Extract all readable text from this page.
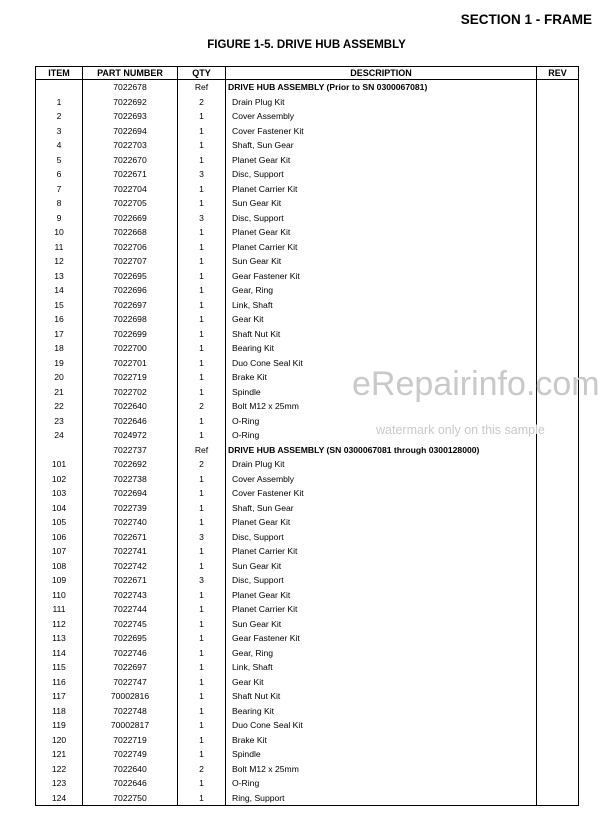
SECTION 1 - FRAME
FIGURE 1-5. DRIVE HUB ASSEMBLY
ITEM	PART NUMBER	QTY	DESCRIPTION	REV
	7022678	Ref	DRIVE HUB ASSEMBLY (Prior to SN 0300067081)	
1	7022692	2	Drain Plug Kit	
2	7022693	1	Cover Assembly	
3	7022694	1	Cover Fastener Kit	
4	7022703	1	Shaft, Sun Gear	
5	7022670	1	Planet Gear Kit	
6	7022671	3	Disc, Support	
7	7022704	1	Planet Carrier Kit	
8	7022705	1	Sun Gear Kit	
9	7022669	3	Disc, Support	
10	7022668	1	Planet Gear Kit	
11	7022706	1	Planet Carrier Kit	
12	7022707	1	Sun Gear Kit	
13	7022695	1	Gear Fastener Kit	
14	7022696	1	Gear, Ring	
15	7022697	1	Link, Shaft	
16	7022698	1	Gear Kit	
17	7022699	1	Shaft Nut Kit	
18	7022700	1	Bearing Kit	
19	7022701	1	Duo Cone Seal Kit	
20	7022719	1	Brake Kit	
21	7022702	1	Spindle	
22	7022640	2	Bolt M12 x 25mm	
23	7022646	1	O-Ring	
24	7024972	1	O-Ring	
	7022737	Ref	DRIVE HUB ASSEMBLY (SN 0300067081 through 0300128000)	
101	7022692	2	Drain Plug Kit	
102	7022738	1	Cover Assembly	
103	7022694	1	Cover Fastener Kit	
104	7022739	1	Shaft, Sun Gear	
105	7022740	1	Planet Gear Kit	
106	7022671	3	Disc, Support	
107	7022741	1	Planet Carrier Kit	
108	7022742	1	Sun Gear Kit	
109	7022671	3	Disc, Support	
110	7022743	1	Planet Gear Kit	
111	7022744	1	Planet Carrier Kit	
112	7022745	1	Sun Gear Kit	
113	7022695	1	Gear Fastener Kit	
114	7022746	1	Gear, Ring	
115	7022697	1	Link, Shaft	
116	7022747	1	Gear Kit	
117	70002816	1	Shaft Nut Kit	
118	7022748	1	Bearing Kit	
119	70002817	1	Duo Cone Seal Kit	
120	7022719	1	Brake Kit	
121	7022749	1	Spindle	
122	7022640	2	Bolt M12 x 25mm	
123	7022646	1	O-Ring	
124	7022750	1	Ring, Support	
eRepairinfo.com
watermark only on this sample
